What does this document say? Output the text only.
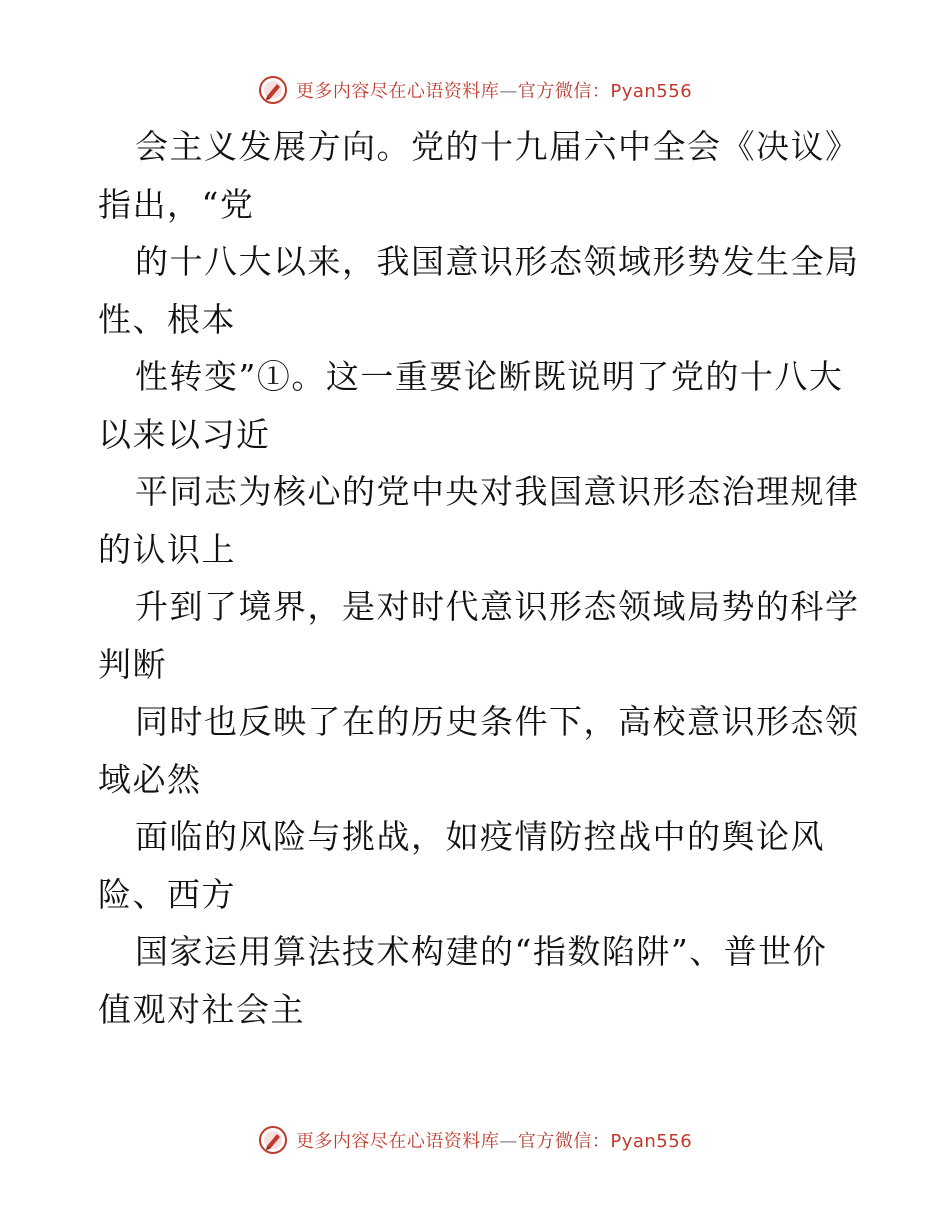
更多内容尽在心语资料库—官方微信：Pyan556
会主义发展方向。党的十九届六中全会《决议》
指出，“党
的十八大以来，我国意识形态领域形势发生全局
性、根本
性转变”①。这一重要论断既说明了党的十八大
以来以习近
平同志为核心的党中央对我国意识形态治理规律
的认识上
升到了境界，是对时代意识形态领域局势的科学
判断
同时也反映了在的历史条件下，高校意识形态领
域必然
面临的风险与挑战，如疫情防控战中的舆论风
险、西方
国家运用算法技术构建的“指数陷阱”、普世价
值观对社会主
更多内容尽在心语资料库—官方微信：Pyan556
